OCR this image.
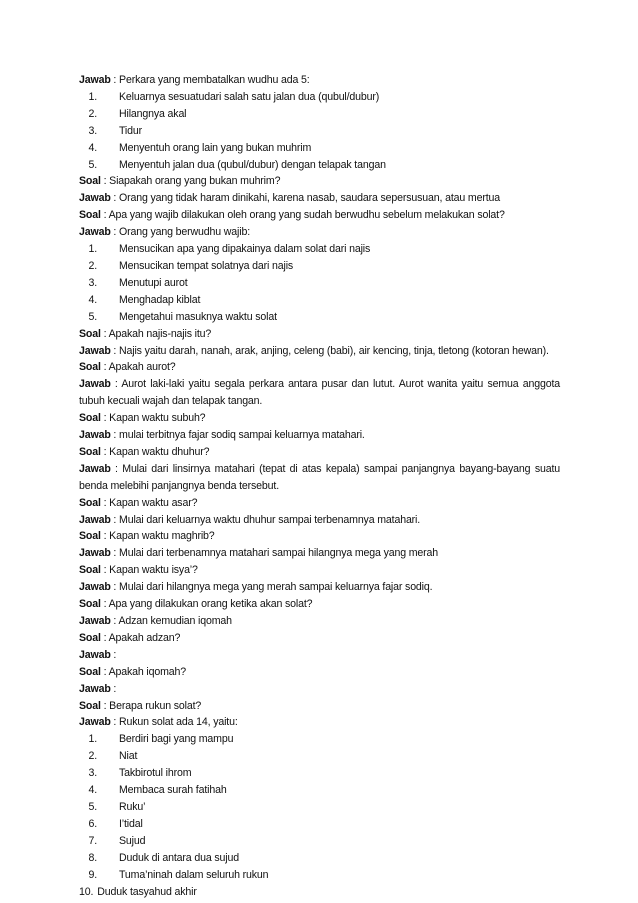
Jawab : Perkara yang membatalkan wudhu ada 5:
1. Keluarnya sesuatudari salah satu jalan dua (qubul/dubur)
2. Hilangnya akal
3. Tidur
4. Menyentuh orang lain yang bukan muhrim
5. Menyentuh jalan dua (qubul/dubur) dengan telapak tangan
Soal : Siapakah orang yang bukan muhrim?
Jawab : Orang yang tidak haram dinikahi, karena nasab, saudara sepersusuan, atau mertua
Soal : Apa yang wajib dilakukan oleh orang yang sudah berwudhu sebelum melakukan solat?
Jawab : Orang yang berwudhu wajib:
1. Mensucikan apa yang dipakainya dalam solat dari najis
2. Mensucikan tempat solatnya dari najis
3. Menutupi aurot
4. Menghadap kiblat
5. Mengetahui masuknya waktu solat
Soal : Apakah najis-najis itu?
Jawab : Najis yaitu darah, nanah, arak, anjing, celeng (babi), air kencing, tinja, tletong (kotoran hewan).
Soal : Apakah aurot?
Jawab : Aurot laki-laki yaitu segala perkara antara pusar dan lutut. Aurot wanita yaitu semua anggota tubuh kecuali wajah dan telapak tangan.
Soal : Kapan waktu subuh?
Jawab : mulai terbitnya fajar sodiq sampai keluarnya matahari.
Soal : Kapan waktu dhuhur?
Jawab : Mulai dari linsirnya matahari (tepat di atas kepala) sampai panjangnya bayang-bayang suatu benda melebihi panjangnya benda tersebut.
Soal : Kapan waktu asar?
Jawab : Mulai dari keluarnya waktu dhuhur sampai terbenamnya matahari.
Soal : Kapan waktu maghrib?
Jawab : Mulai dari terbenamnya matahari sampai hilangnya mega yang merah
Soal : Kapan waktu isya’?
Jawab : Mulai dari hilangnya mega yang merah sampai keluarnya fajar sodiq.
Soal : Apa yang dilakukan orang ketika akan solat?
Jawab : Adzan kemudian iqomah
Soal : Apakah adzan?
Jawab :
Soal : Apakah iqomah?
Jawab :
Soal : Berapa rukun solat?
Jawab : Rukun solat ada 14, yaitu:
1. Berdiri bagi yang mampu
2. Niat
3. Takbirotul ihrom
4. Membaca surah fatihah
5. Ruku’
6. I’tidal
7. Sujud
8. Duduk di antara dua sujud
9. Tuma’ninah dalam seluruh rukun
10. Duduk tasyahud akhir
